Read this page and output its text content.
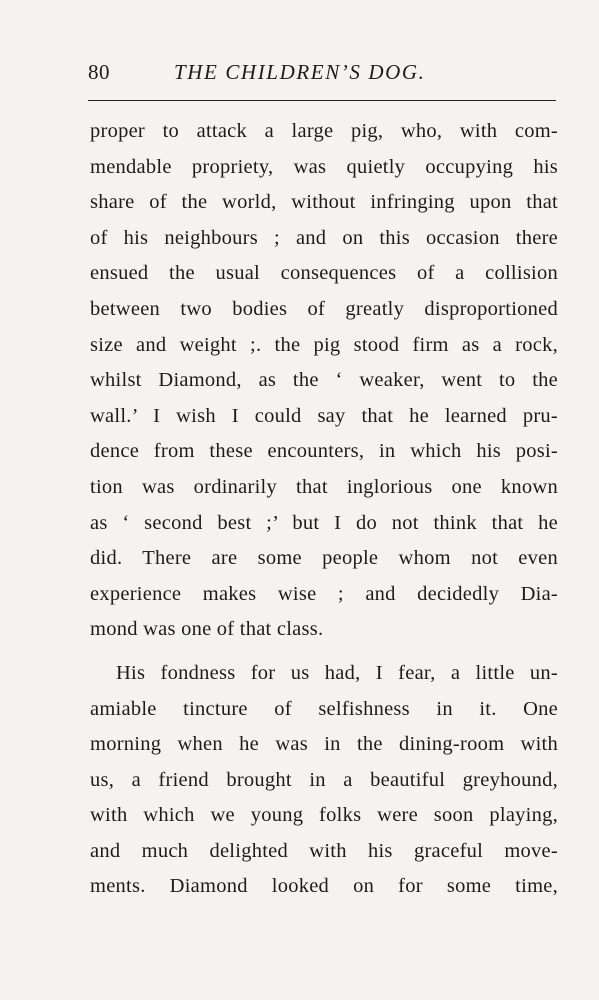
80	THE CHILDREN’S DOG.
proper to attack a large pig, who, with com-
mendable propriety, was quietly occupying his
share of the world, without infringing upon that
of his neighbours ; and on this occasion there
ensued the usual consequences of a collision
between two bodies of greatly disproportioned
size and weight ;. the pig stood firm as a rock,
whilst Diamond, as the ‘ weaker, went to the
wall.’ I wish I could say that he learned pru-
dence from these encounters, in which his posi-
tion was ordinarily that inglorious one known
as ‘ second best ;’ but I do not think that he
did. There are some people whom not even
experience makes wise ; and decidedly Dia-
mond was one of that class.
His fondness for us had, I fear, a little un-
amiable tincture of selfishness in it. One
morning when he was in the dining-room with
us, a friend brought in a beautiful greyhound,
with which we young folks were soon playing,
and much delighted with his graceful move-
ments. Diamond looked on for some time,
